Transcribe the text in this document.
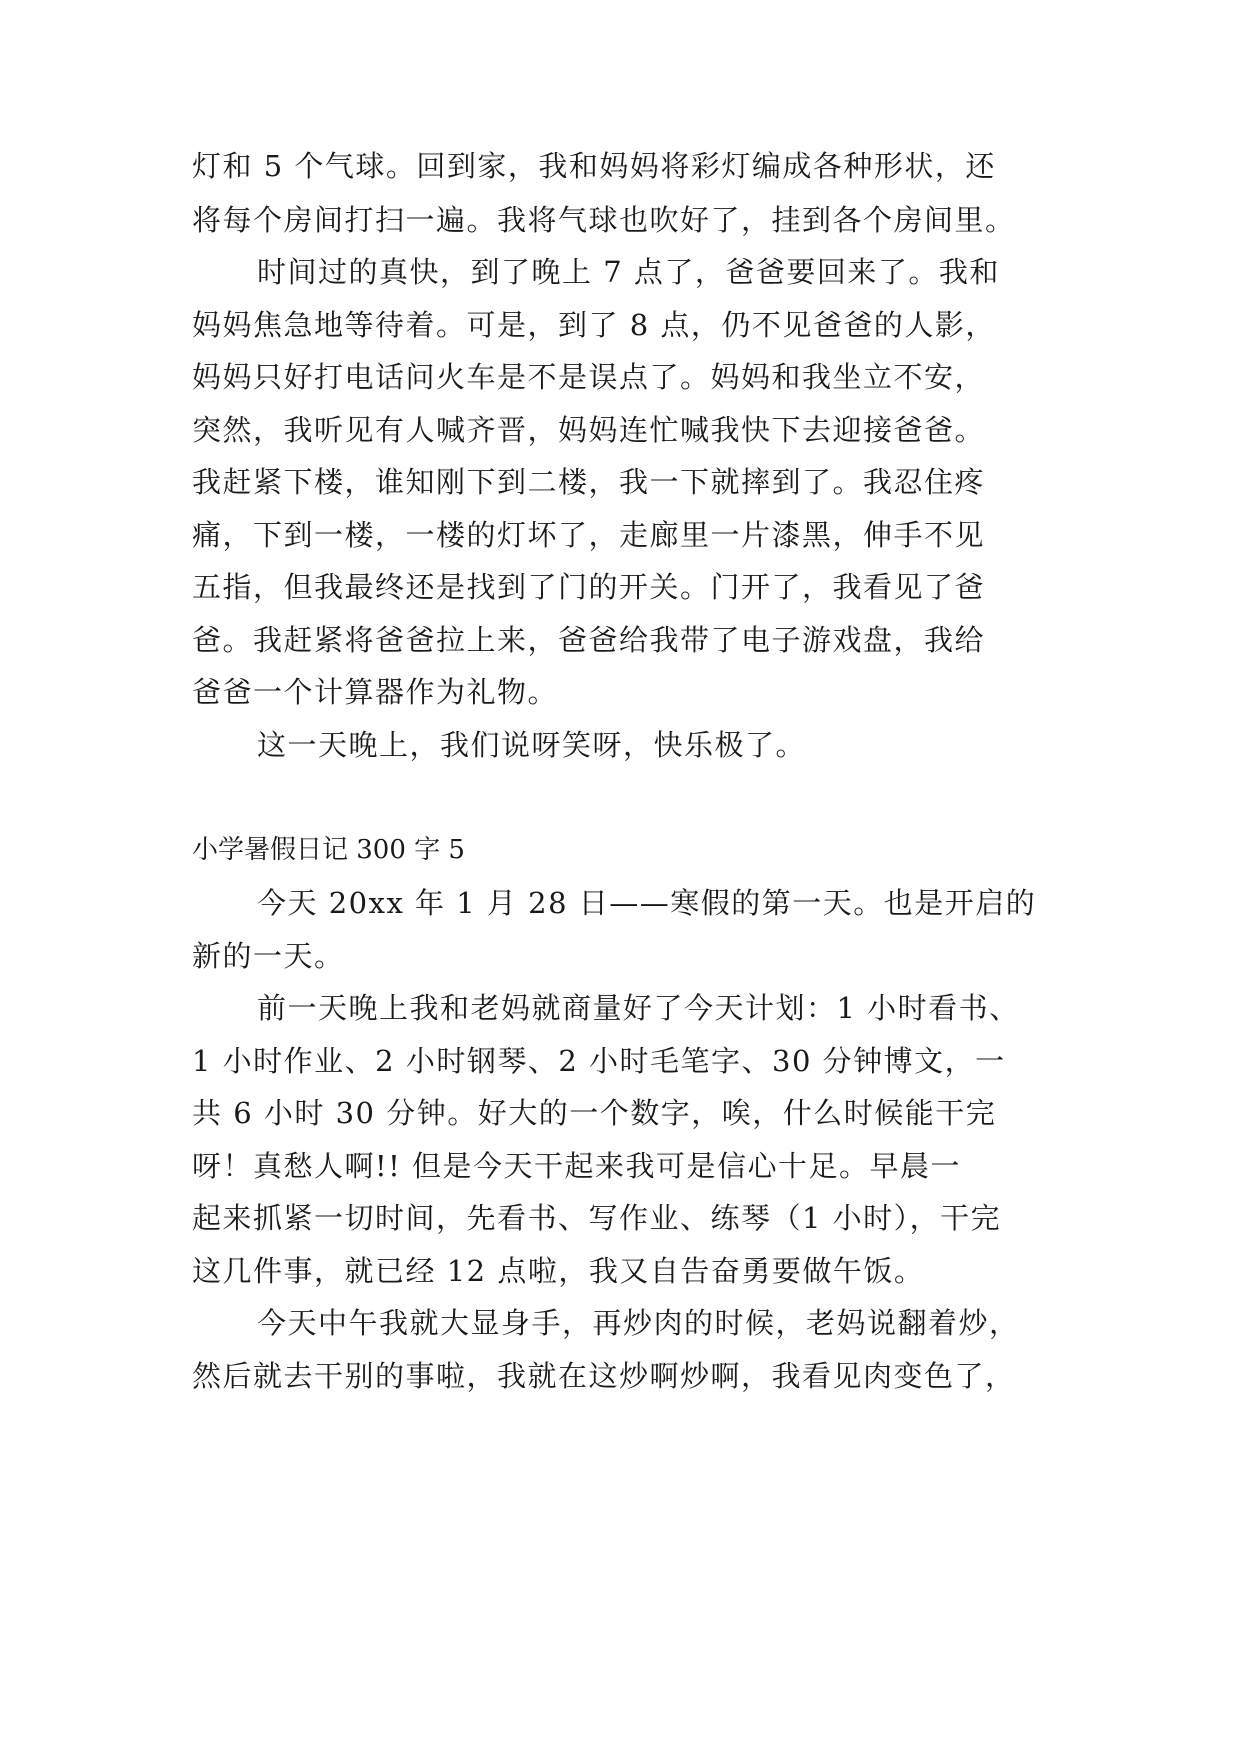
灯和 5 个气球。回到家，我和妈妈将彩灯编成各种形状，还
将每个房间打扫一遍。我将气球也吹好了，挂到各个房间里。
时间过的真快，到了晚上 7 点了，爸爸要回来了。我和
妈妈焦急地等待着。可是，到了 8 点，仍不见爸爸的人影，
妈妈只好打电话问火车是不是误点了。妈妈和我坐立不安，
突然，我听见有人喊齐晋，妈妈连忙喊我快下去迎接爸爸。
我赶紧下楼，谁知刚下到二楼，我一下就摔到了。我忍住疼
痛，下到一楼，一楼的灯坏了，走廊里一片漆黑，伸手不见
五指，但我最终还是找到了门的开关。门开了，我看见了爸
爸。我赶紧将爸爸拉上来，爸爸给我带了电子游戏盘，我给
爸爸一个计算器作为礼物。
这一天晚上，我们说呀笑呀，快乐极了。
小学暑假日记 300 字 5
今天 20xx 年 1 月 28 日——寒假的第一天。也是开启的
新的一天。
前一天晚上我和老妈就商量好了今天计划：1 小时看书、
1 小时作业、2 小时钢琴、2 小时毛笔字、30 分钟博文，一
共 6 小时 30 分钟。好大的一个数字，唉，什么时候能干完
呀！真愁人啊!! 但是今天干起来我可是信心十足。早晨一
起来抓紧一切时间，先看书、写作业、练琴（1 小时），干完
这几件事，就已经 12 点啦，我又自告奋勇要做午饭。
今天中午我就大显身手，再炒肉的时候，老妈说翻着炒，
然后就去干别的事啦，我就在这炒啊炒啊，我看见肉变色了，
